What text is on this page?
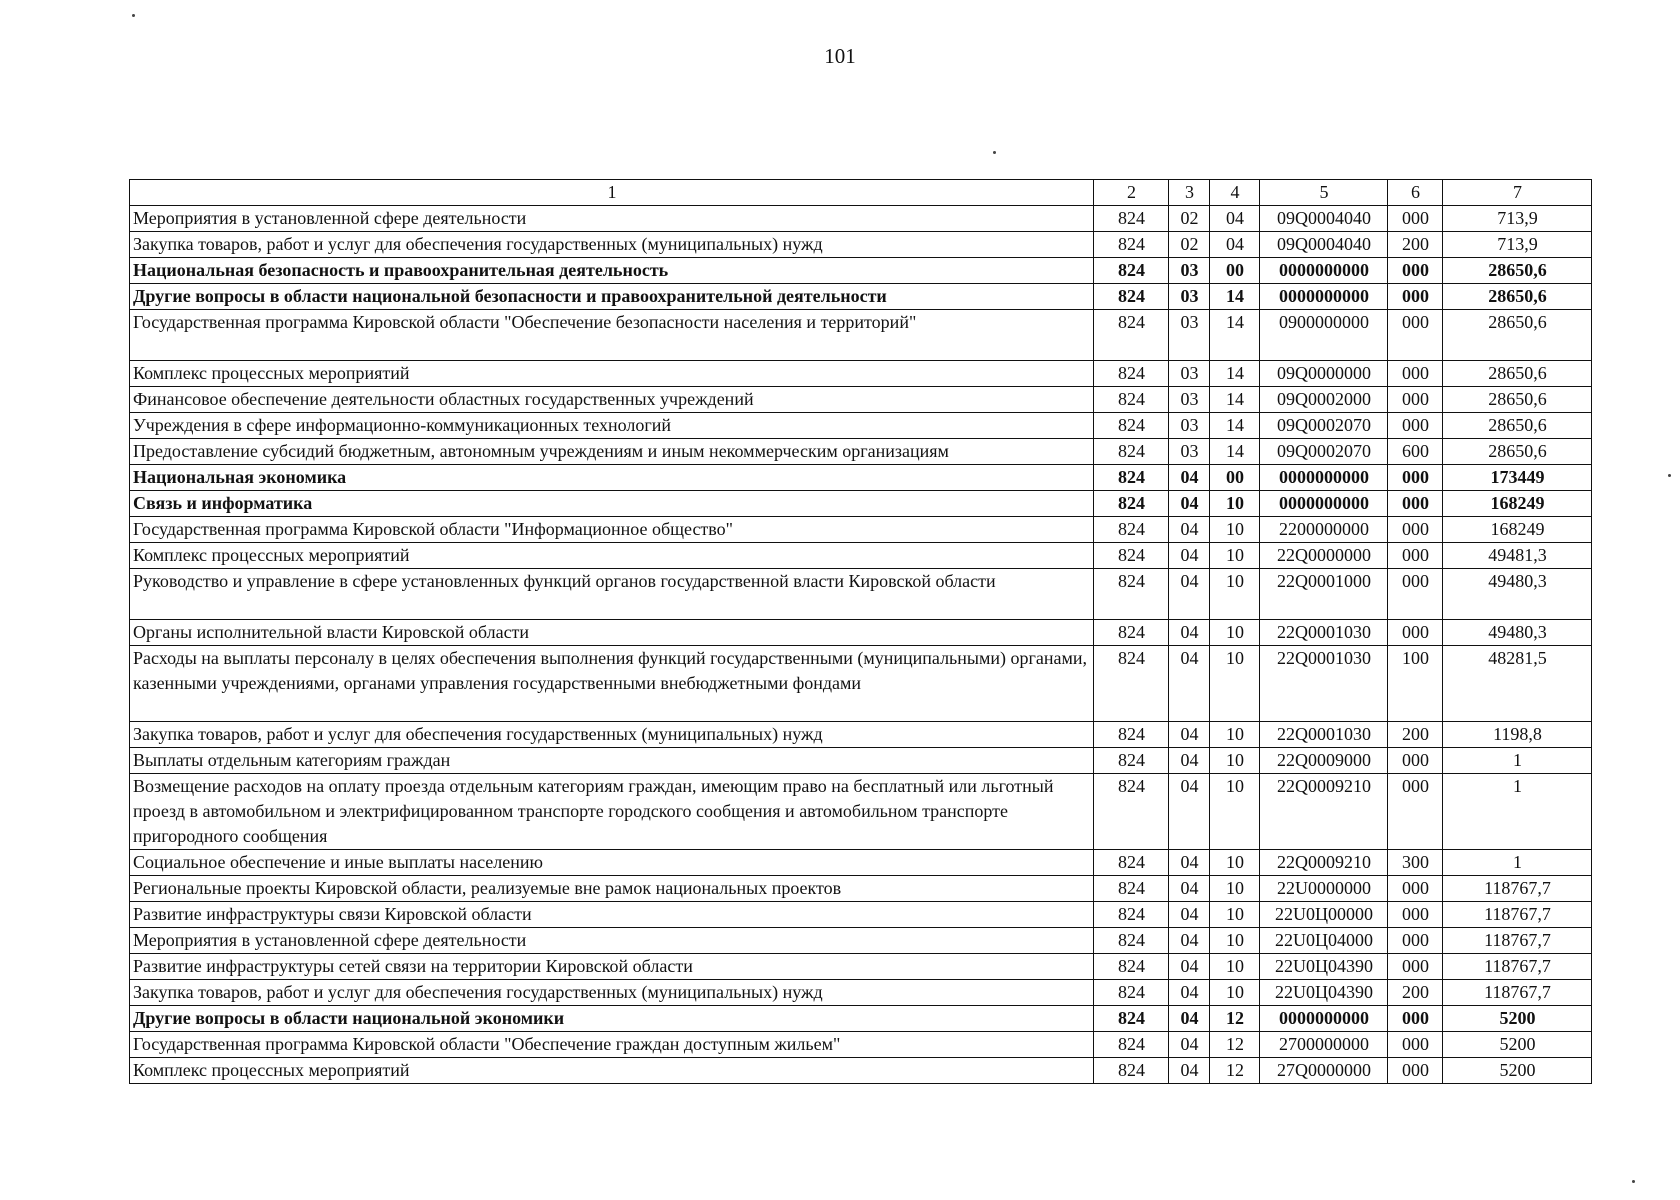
101
1	2	3	4	5	6	7
Мероприятия в установленной сфере деятельности	824	02	04	09Q0004040	000	713,9
Закупка товаров, работ и услуг для обеспечения государственных (муниципальных) нужд	824	02	04	09Q0004040	200	713,9
Национальная безопасность и правоохранительная деятельность	824	03	00	0000000000	000	28650,6
Другие вопросы в области национальной безопасности и правоохранительной деятельности	824	03	14	0000000000	000	28650,6
Государственная программа Кировской области "Обеспечение безопасности населения и территорий"	824	03	14	0900000000	000	28650,6
Комплекс процессных мероприятий	824	03	14	09Q0000000	000	28650,6
Финансовое обеспечение деятельности областных государственных учреждений	824	03	14	09Q0002000	000	28650,6
Учреждения в сфере информационно-коммуникационных технологий	824	03	14	09Q0002070	000	28650,6
Предоставление субсидий бюджетным, автономным учреждениям и иным некоммерческим организациям	824	03	14	09Q0002070	600	28650,6
Национальная экономика	824	04	00	0000000000	000	173449
Связь и информатика	824	04	10	0000000000	000	168249
Государственная программа Кировской области "Информационное общество"	824	04	10	2200000000	000	168249
Комплекс процессных мероприятий	824	04	10	22Q0000000	000	49481,3
Руководство и управление в сфере установленных функций органов государственной власти Кировской области	824	04	10	22Q0001000	000	49480,3
Органы исполнительной власти Кировской области	824	04	10	22Q0001030	000	49480,3
Расходы на выплаты персоналу в целях обеспечения выполнения функций государственными (муниципальными) органами, казенными учреждениями, органами управления государственными внебюджетными фондами	824	04	10	22Q0001030	100	48281,5
Закупка товаров, работ и услуг для обеспечения государственных (муниципальных) нужд	824	04	10	22Q0001030	200	1198,8
Выплаты отдельным категориям граждан	824	04	10	22Q0009000	000	1
Возмещение расходов на оплату проезда отдельным категориям граждан, имеющим право на бесплатный или льготный проезд в автомобильном и электрифицированном транспорте городского сообщения и автомобильном транспорте пригородного сообщения	824	04	10	22Q0009210	000	1
Социальное обеспечение и иные выплаты населению	824	04	10	22Q0009210	300	1
Региональные проекты Кировской области, реализуемые вне рамок национальных проектов	824	04	10	22U0000000	000	118767,7
Развитие инфраструктуры связи Кировской области	824	04	10	22U0Ц00000	000	118767,7
Мероприятия в установленной сфере деятельности	824	04	10	22U0Ц04000	000	118767,7
Развитие инфраструктуры сетей связи на территории Кировской области	824	04	10	22U0Ц04390	000	118767,7
Закупка товаров, работ и услуг для обеспечения государственных (муниципальных) нужд	824	04	10	22U0Ц04390	200	118767,7
Другие вопросы в области национальной экономики	824	04	12	0000000000	000	5200
Государственная программа Кировской области "Обеспечение граждан доступным жильем"	824	04	12	2700000000	000	5200
Комплекс процессных мероприятий	824	04	12	27Q0000000	000	5200
